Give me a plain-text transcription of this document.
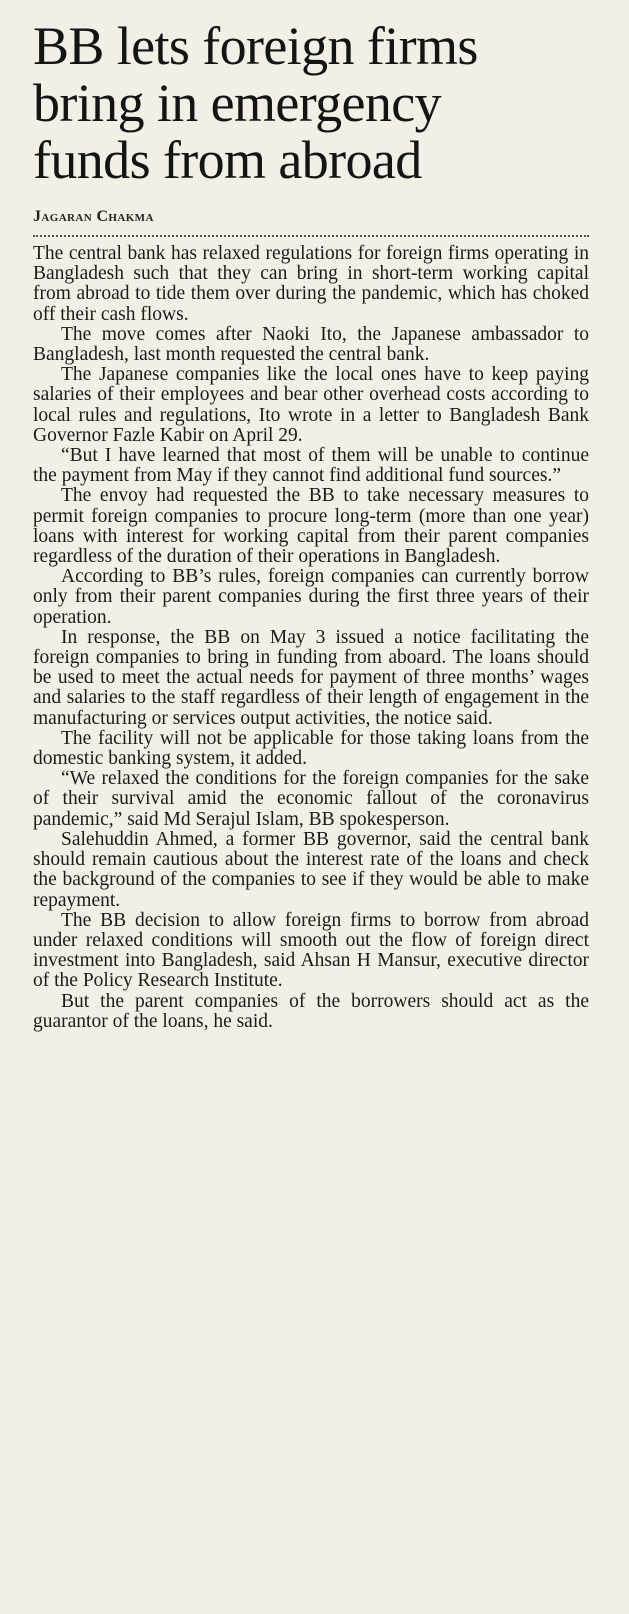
BB lets foreign firms
bring in emergency
funds from abroad
Jagaran Chakma

The central bank has relaxed regulations for foreign firms operating in Bangladesh such that they can bring in short-term working capital from abroad to tide them over during the pandemic, which has choked off their cash flows.

The move comes after Naoki Ito, the Japanese ambassador to Bangladesh, last month requested the central bank.

The Japanese companies like the local ones have to keep paying salaries of their employees and bear other overhead costs according to local rules and regulations, Ito wrote in a letter to Bangladesh Bank Governor Fazle Kabir on April 29.

“But I have learned that most of them will be unable to continue the payment from May if they cannot find additional fund sources.”

The envoy had requested the BB to take necessary measures to permit foreign companies to procure long-term (more than one year) loans with interest for working capital from their parent companies regardless of the duration of their operations in Bangladesh.

According to BB’s rules, foreign companies can currently borrow only from their parent companies during the first three years of their operation.

In response, the BB on May 3 issued a notice facilitating the foreign companies to bring in funding from aboard. The loans should be used to meet the actual needs for payment of three months’ wages and salaries to the staff regardless of their length of engagement in the manufacturing or services output activities, the notice said.

The facility will not be applicable for those taking loans from the domestic banking system, it added.

“We relaxed the conditions for the foreign companies for the sake of their survival amid the economic fallout of the coronavirus pandemic,” said Md Serajul Islam, BB spokesperson.

Salehuddin Ahmed, a former BB governor, said the central bank should remain cautious about the interest rate of the loans and check the background of the companies to see if they would be able to make repayment.

The BB decision to allow foreign firms to borrow from abroad under relaxed conditions will smooth out the flow of foreign direct investment into Bangladesh, said Ahsan H Mansur, executive director of the Policy Research Institute.

But the parent companies of the borrowers should act as the guarantor of the loans, he said.
